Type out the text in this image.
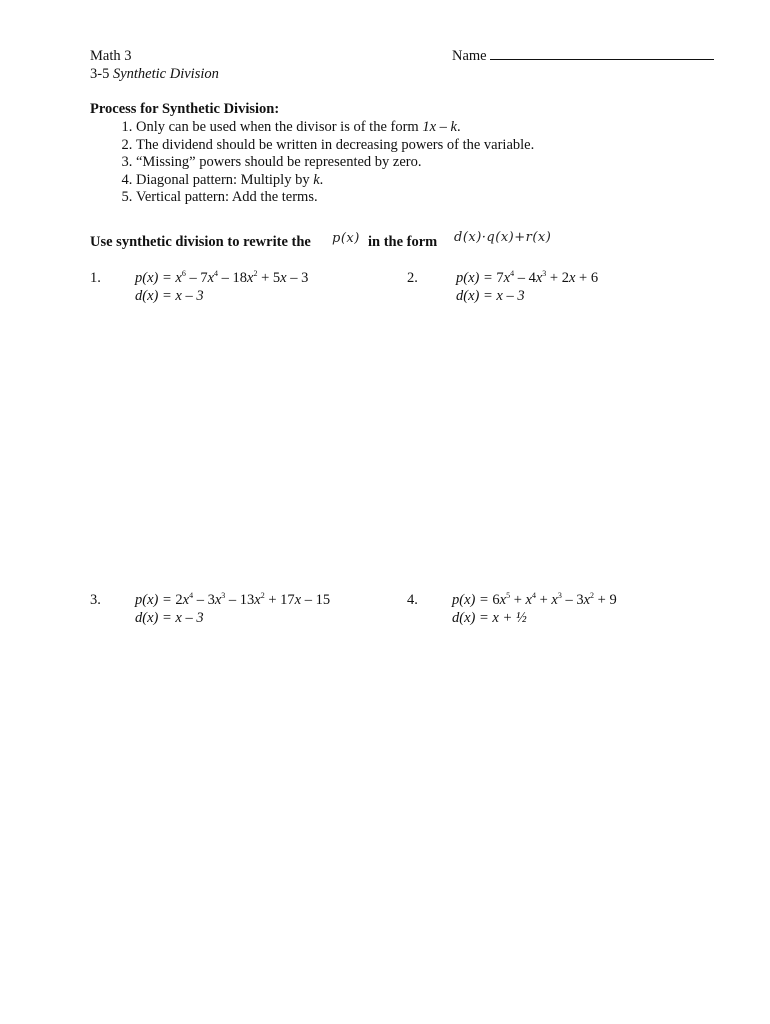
Math 3
3-5 Synthetic Division
Name
Process for Synthetic Division:
1. Only can be used when the divisor is of the form 1x – k.
2. The dividend should be written in decreasing powers of the variable.
3. “Missing” powers should be represented by zero.
4. Diagonal pattern: Multiply by k.
5. Vertical pattern: Add the terms.
Use synthetic division to rewrite the p(x) in the form d(x)·q(x)+r(x)
1. $p(x) = x^6 - 7x^4 - 18x^2 + 5x - 3$
d(x) = x – 3
2.	$p(x) = 7x^4 - 4x^3 + 2x + 6$
d(x) = x – 3
3. $p(x) = 2x^4 - 3x^3 - 13x^2 + 17x - 15$
d(x) = x – 3
4. $p(x) = 6x^5 + x^4 + x^3 - 3x^2 + 9$
d(x) = x + ½
